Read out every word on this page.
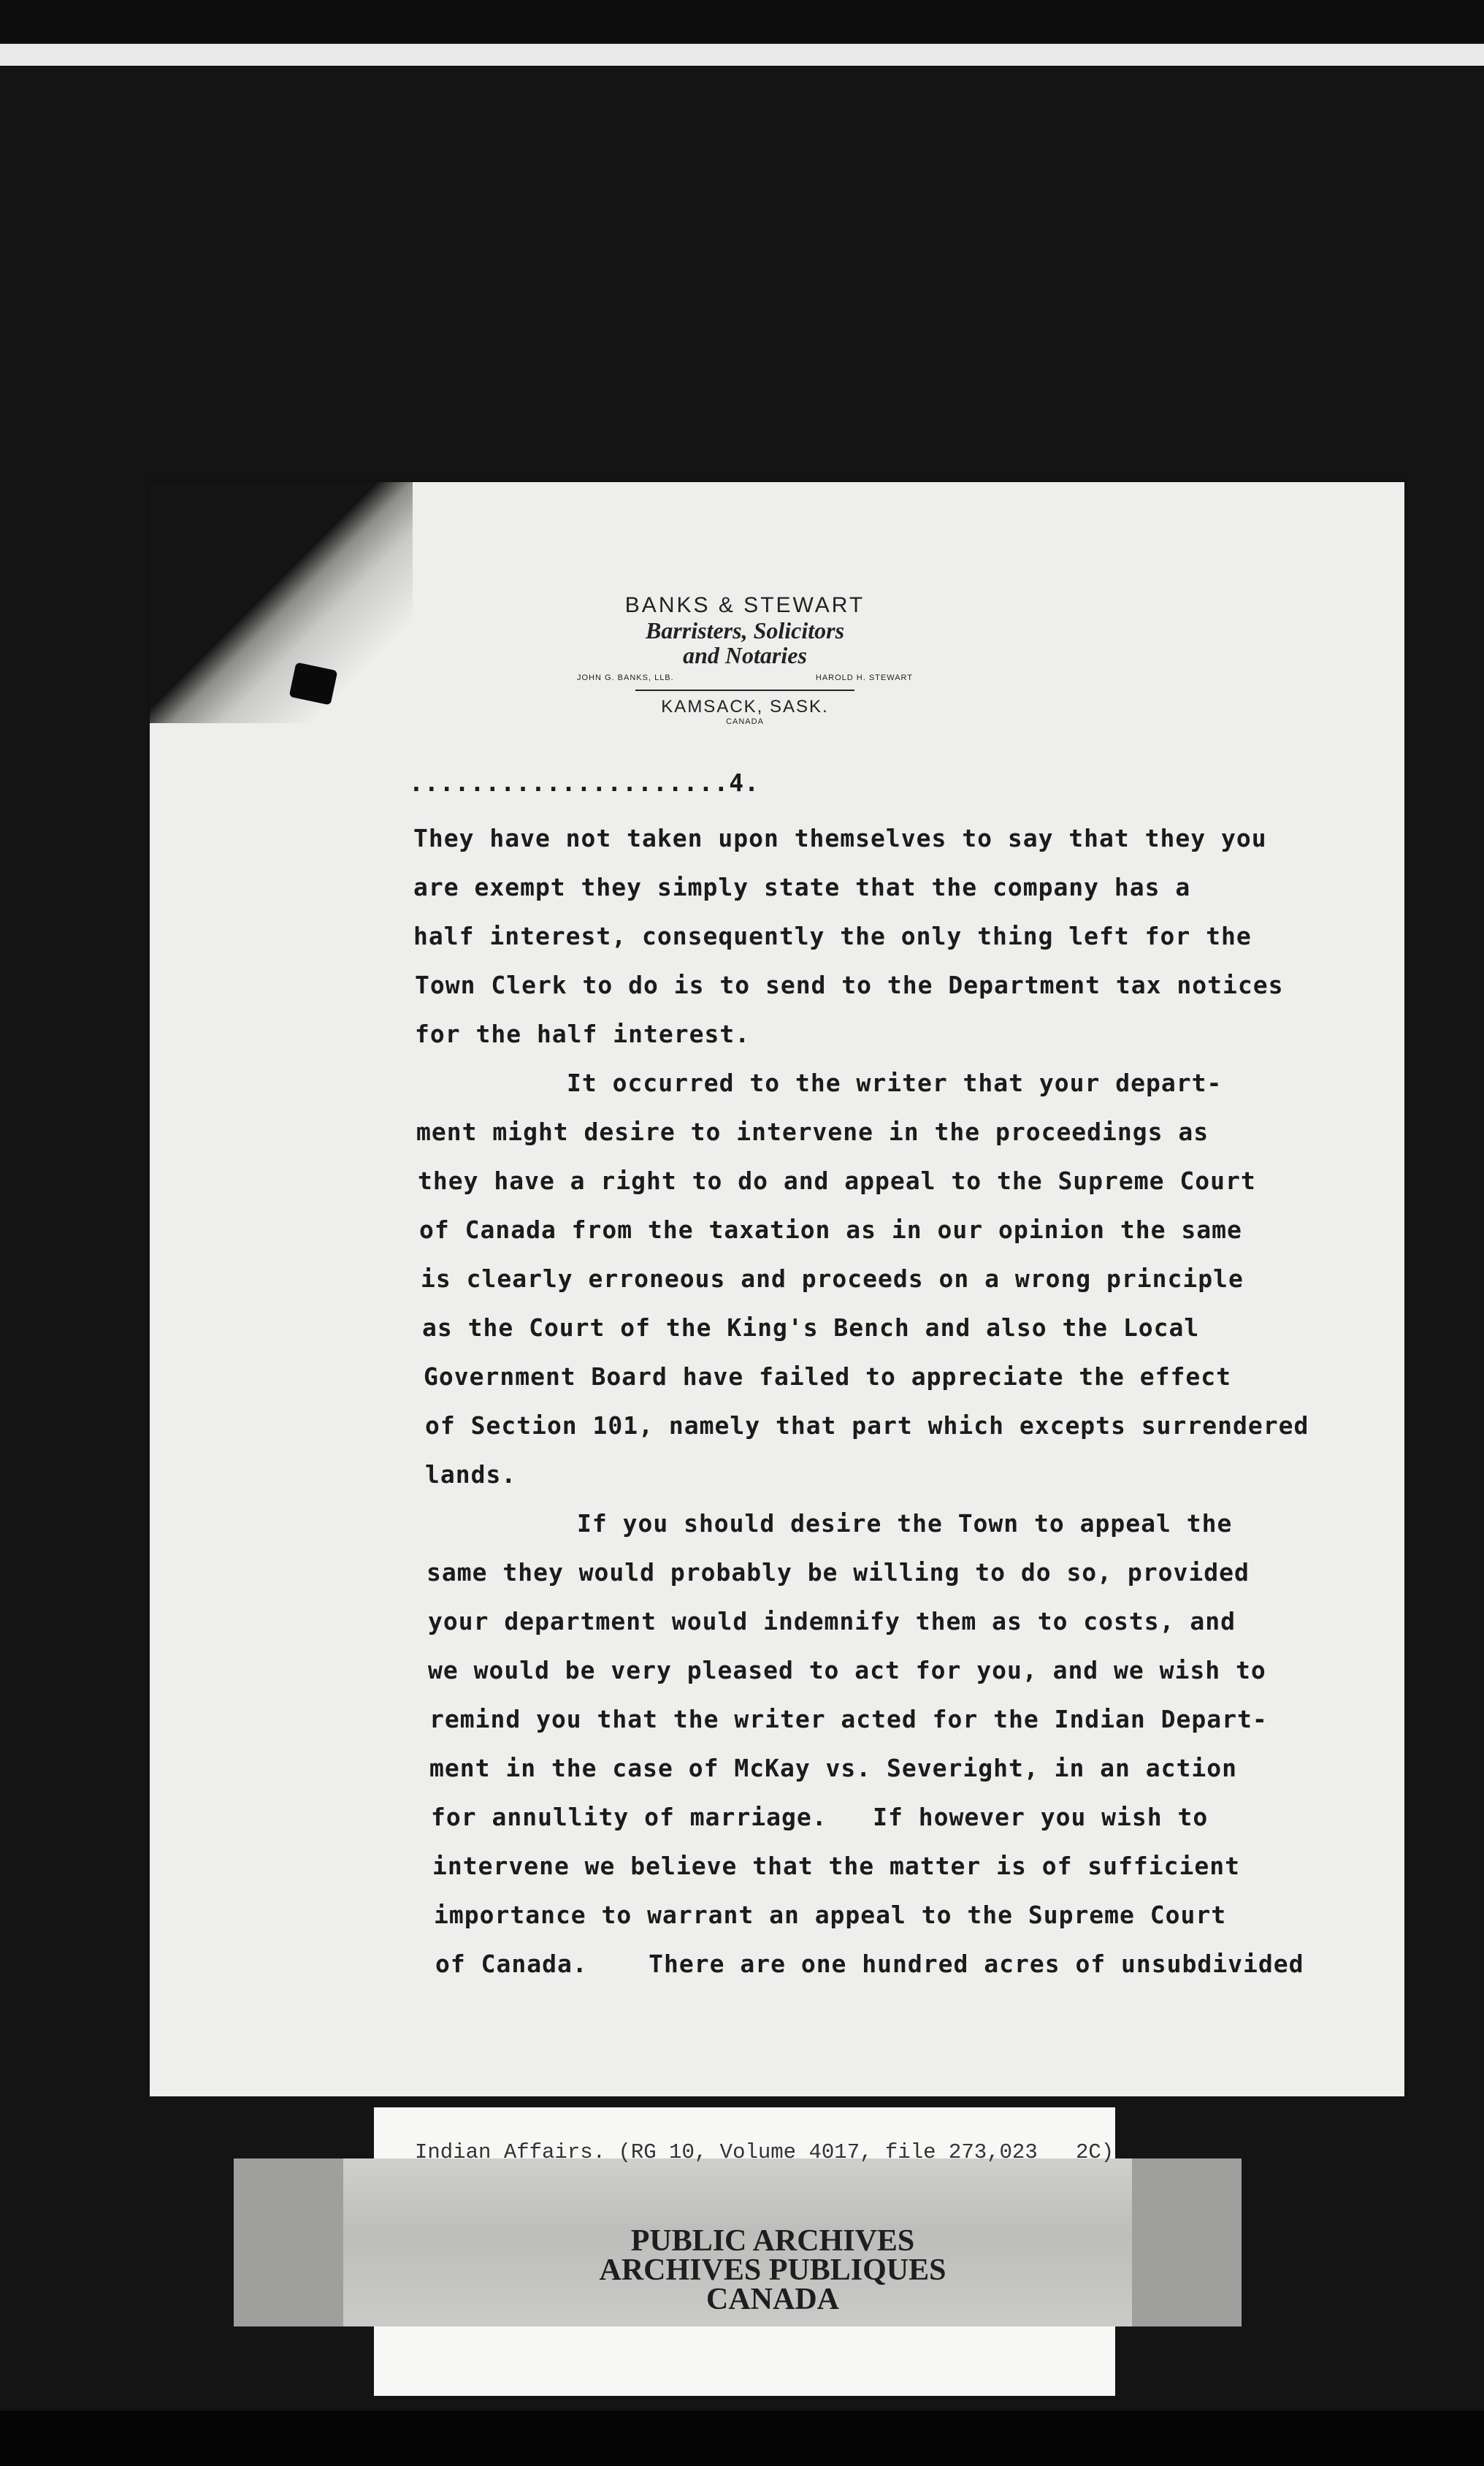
BANKS & STEWART
Barristers, Solicitors
and Notaries
JOHN G. BANKS, LLB.	HAROLD H. STEWART
KAMSACK, SASK.
CANADA
.....................4.
They have not taken upon themselves to say that they you
are exempt they simply state that the company has a
half interest, consequently the only thing left for the
Town Clerk to do is to send to the Department tax notices
for the half interest.
It occurred to the writer that your depart-
ment might desire to intervene in the proceedings as
they have a right to do and appeal to the Supreme Court
of Canada from the taxation as in our opinion the same
is clearly erroneous and proceeds on a wrong principle
as the Court of the King's Bench and also the Local
Government Board have failed to appreciate the effect
of Section 101, namely that part which excepts surrendered
lands.
If you should desire the Town to appeal the
same they would probably be willing to do so, provided
your department would indemnify them as to costs, and
we would be very pleased to act for you, and we wish to
remind you that the writer acted for the Indian Depart-
ment in the case of McKay vs. Severight, in an action
for annullity of marriage.   If however you wish to
intervene we believe that the matter is of sufficient
importance to warrant an appeal to the Supreme Court
of Canada.    There are one hundred acres of unsubdivided
Indian Affairs. (RG 10, Volume 4017, file 273,023   2C)
PUBLIC ARCHIVES
ARCHIVES PUBLIQUES
CANADA
